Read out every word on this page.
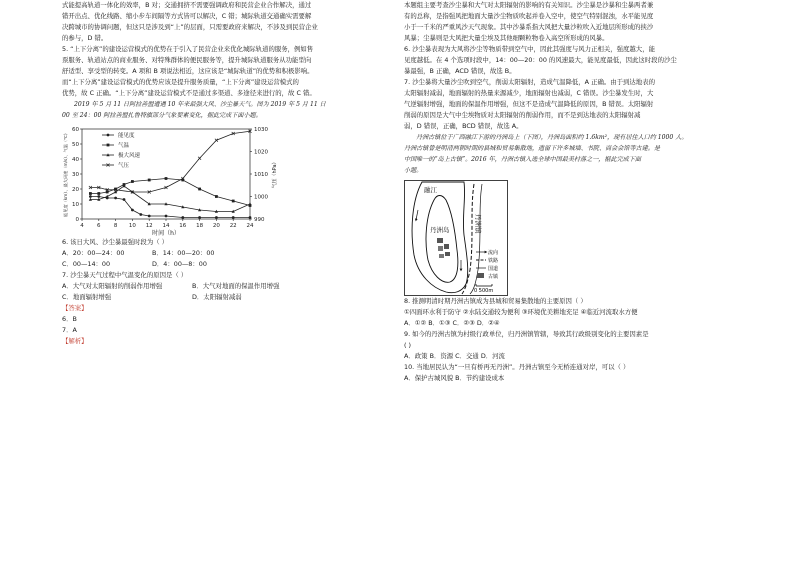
式能提高轨道一体化的效率，B 对；交通拥挤不需要强调政府和民营企业合作解决，通过

错开出点、优化线路、缩小步车间隔等方式皆可以解决，C 错；城际轨道交通确实需要解

决跨城市的协调问题，但这只是涉及到“上”的层面，只需要政府来解决，不涉及到民营企业

的参与，D 错。

5. “上下分离”的建设运营模式的优势在于引入了民营企业来优化城际轨道的服务，例如售

票服务、轨道站点的商业服务、对特殊群体的便民服务等，提升城际轨道服务从功能型向

舒适型、享受型的转变。A 项和 B 项说法相近，这应该是“城际轨道”的优势和积极影响。

而“上下分离”建设运营模式的优势应该是提升服务质量，“上下分离”建设运营模式的

优势，故 C 正确。“上下分离”建设运营模式不是通过多渠道、多途径来进行的，故 C 错。

2019 年 5 月 11 日阿拉善盟遭遇 10 年来最强大风、沙尘暴天气。图为 2019 年 5 月 11 日

00 至 24：00 阿拉善盟扎鲁特旗部分气象要素变化，据此完成下面小题。

4 6 8 10 12 14 16 18 20 22 24
0
10
20
30
40
50
60
990
1000
1010
1020
1030
时间（h）
能见度（km）、最大风速（m/s）、气温（℃）	气压（hPa）
能见度
气温
极大风速
气压

6. 该日大风、沙尘暴最强时段为（ ）

A．20：00—24：00	B．14：00—20：00

C．00—14：00	D．4：00—8：00

7. 沙尘暴天气过程中气温变化的原因是（ ）

A．大气对太阳辐射的削弱作用增强	B．大气对地面的保温作用增强

C．地面辐射增强	D．太阳辐射减弱

【答案】

6．B

7．A

【解析】

本题组主要考查沙尘暴和大气对太阳辐射的影响的有关知识。沙尘暴是沙暴和尘暴两者兼

有的总称，是指强风把地面大量沙尘物质吹起并卷入空中，使空气特别混浊，水平能见度

小于一千米的严重风沙天气现象。其中沙暴系指大风把大量沙粒吹入近地层所形成的挟沙

风暴；尘暴则是大风把大量尘埃及其他细颗粒物卷入高空所形成的风暴。

6. 沙尘暴表现为大风将沙尘等物质带到空气中，因此其强度与风力正相关，强度越大，能

见度越低。在 4 个选项时段中，14：00—20：00 的风速最大，能见度最低，因此这时段的沙尘

暴最强，B 正确，ACD 错误，故选 B。

7. 沙尘暴将大量沙尘吹到空气，削弱太阳辐射，造成气温降低，A 正确。由于到达地表的

太阳辐射减弱，地面辐射的热量来源减少，地面辐射也减弱，C 错误。沙尘暴发生时，大

气逆辐射增强，地面的保温作用增强，但这不是造成气温降低的原因，B 错误。太阳辐射

削弱的原因是大气中尘埃物质对太阳辐射的削弱作用，而不是到达地表的太阳辐射减

弱，D 错误，正确，BCD 错误，故选 A。

丹洲古镇位于广西融江下游的丹洲岛上（下图），丹洲岛面积约 1.6km²，现有居住人口约 1000 人。

丹洲古镇曾是明清两朝时期的县城和贸易集散地，遗留下许多城墙、书院、商会会馆等古建。是

中国唯一的“岛上古镇”。2016 年，丹洲古镇入选全球中国最美村落之一，据此完成下面

小题。

融江
丹洲镇
丹洲岛
流向
铁路
国道
古镇
0 500m

8. 推测明清时期丹洲古镇成为县城和贸易集散地的主要原因（ ）

①四面环水利于防守 ②水陆交通较为便利 ③环境优美耕地充足 ④临近河流取水方便

A．①② B．①③ C．②③ D．②④

9. 如今的丹洲古镇为村级行政单位，归丹洲镇管辖，导致其行政级别变化的主要因素是

( )

A．政策 B．资源 C．交通 D．河流

10. 当地居民认为“一旦有桥再无丹洲”。丹洲古镇至今无桥连通对岸，可以（ ）

A．保护古城风貌 B．节约建设成本
